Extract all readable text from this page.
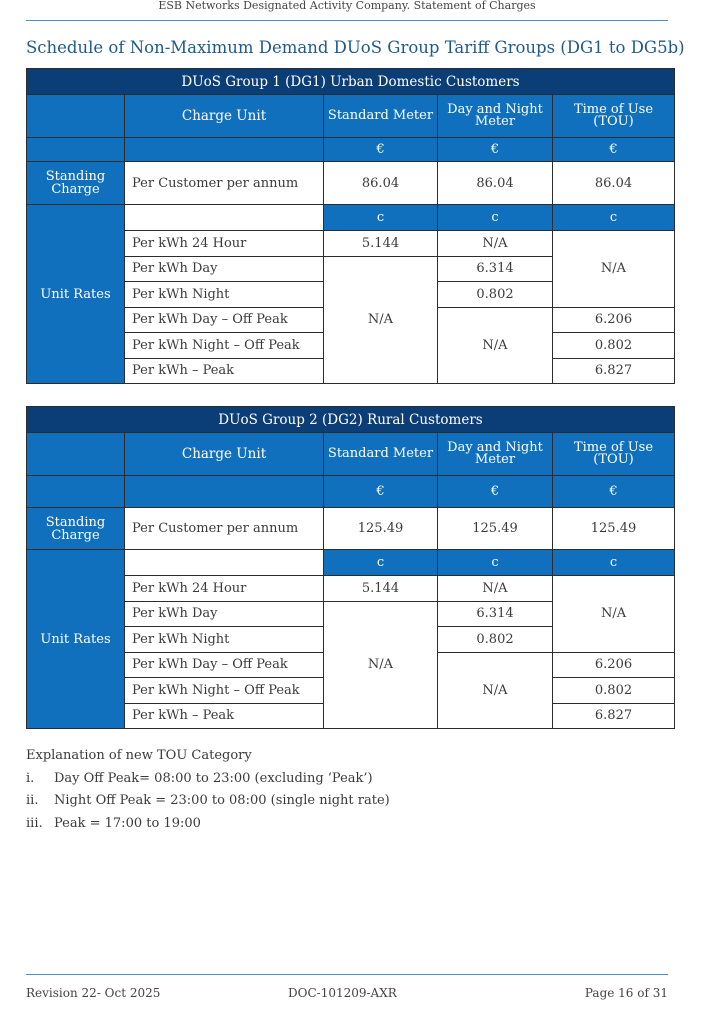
ESB Networks Designated Activity Company. Statement of Charges
Schedule of Non-Maximum Demand DUoS Group Tariff Groups (DG1 to DG5b)
DUoS Group 1 (DG1) Urban Domestic Customers				
	Charge Unit	Standard Meter	Day and Night Meter	Time of Use (TOU)
		€	€	€
Standing Charge	Per Customer per annum	86.04	86.04	86.04
Unit Rates		c	c	c
	Per kWh 24 Hour	5.144	N/A	N/A
	Per kWh Day	N/A	6.314	
	Per kWh Night		0.802	
	Per kWh Day – Off Peak		N/A	6.206
	Per kWh Night – Off Peak			0.802
	Per kWh – Peak			6.827
DUoS Group 2 (DG2) Rural Customers				
	Charge Unit	Standard Meter	Day and Night Meter	Time of Use (TOU)
		€	€	€
Standing Charge	Per Customer per annum	125.49	125.49	125.49
Unit Rates		c	c	c
	Per kWh 24 Hour	5.144	N/A	N/A
	Per kWh Day	N/A	6.314	
	Per kWh Night		0.802	
	Per kWh Day – Off Peak		N/A	6.206
	Per kWh Night – Off Peak			0.802
	Per kWh – Peak			6.827
Explanation of new TOU Category
i. Day Off Peak= 08:00 to 23:00 (excluding ‘Peak’)
ii. Night Off Peak = 23:00 to 08:00 (single night rate)
iii. Peak = 17:00 to 19:00
Revision 22- Oct 2025	DOC-101209-AXR	Page 16 of 31
